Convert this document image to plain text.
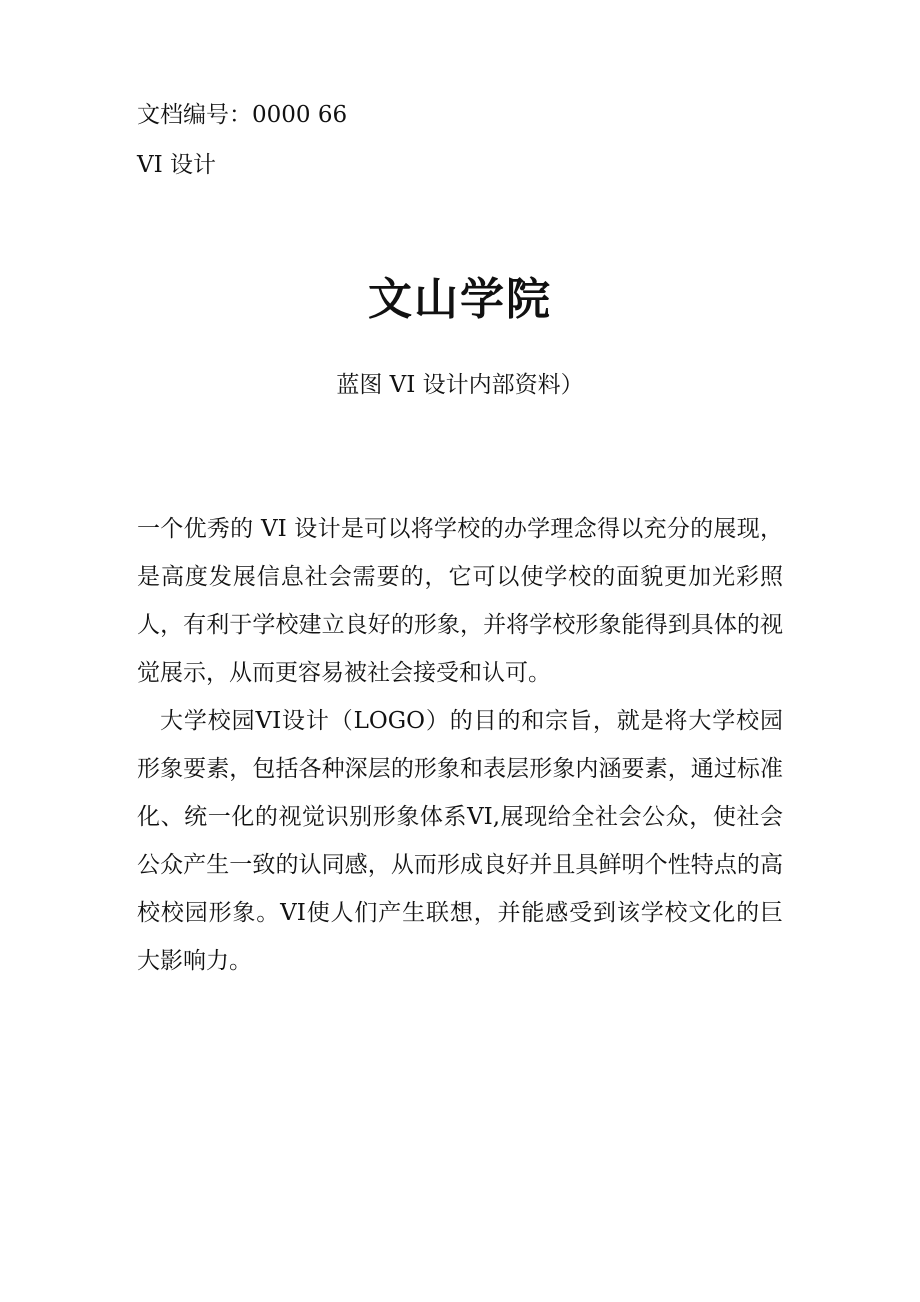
文档编号：0000 66
VI 设计
文山学院
蓝图 VI 设计内部资料）

一个优秀的 VI 设计是可以将学校的办学理念得以充分的展现，是高度发展信息社会需要的，它可以使学校的面貌更加光彩照人，有利于学校建立良好的形象，并将学校形象能得到具体的视觉展示，从而更容易被社会接受和认可。

大学校园VI设计（LOGO）的目的和宗旨，就是将大学校园形象要素，包括各种深层的形象和表层形象内涵要素，通过标准化、统一化的视觉识别形象体系VI,展现给全社会公众，使社会公众产生一致的认同感，从而形成良好并且具鲜明个性特点的高校校园形象。VI使人们产生联想，并能感受到该学校文化的巨大影响力。
